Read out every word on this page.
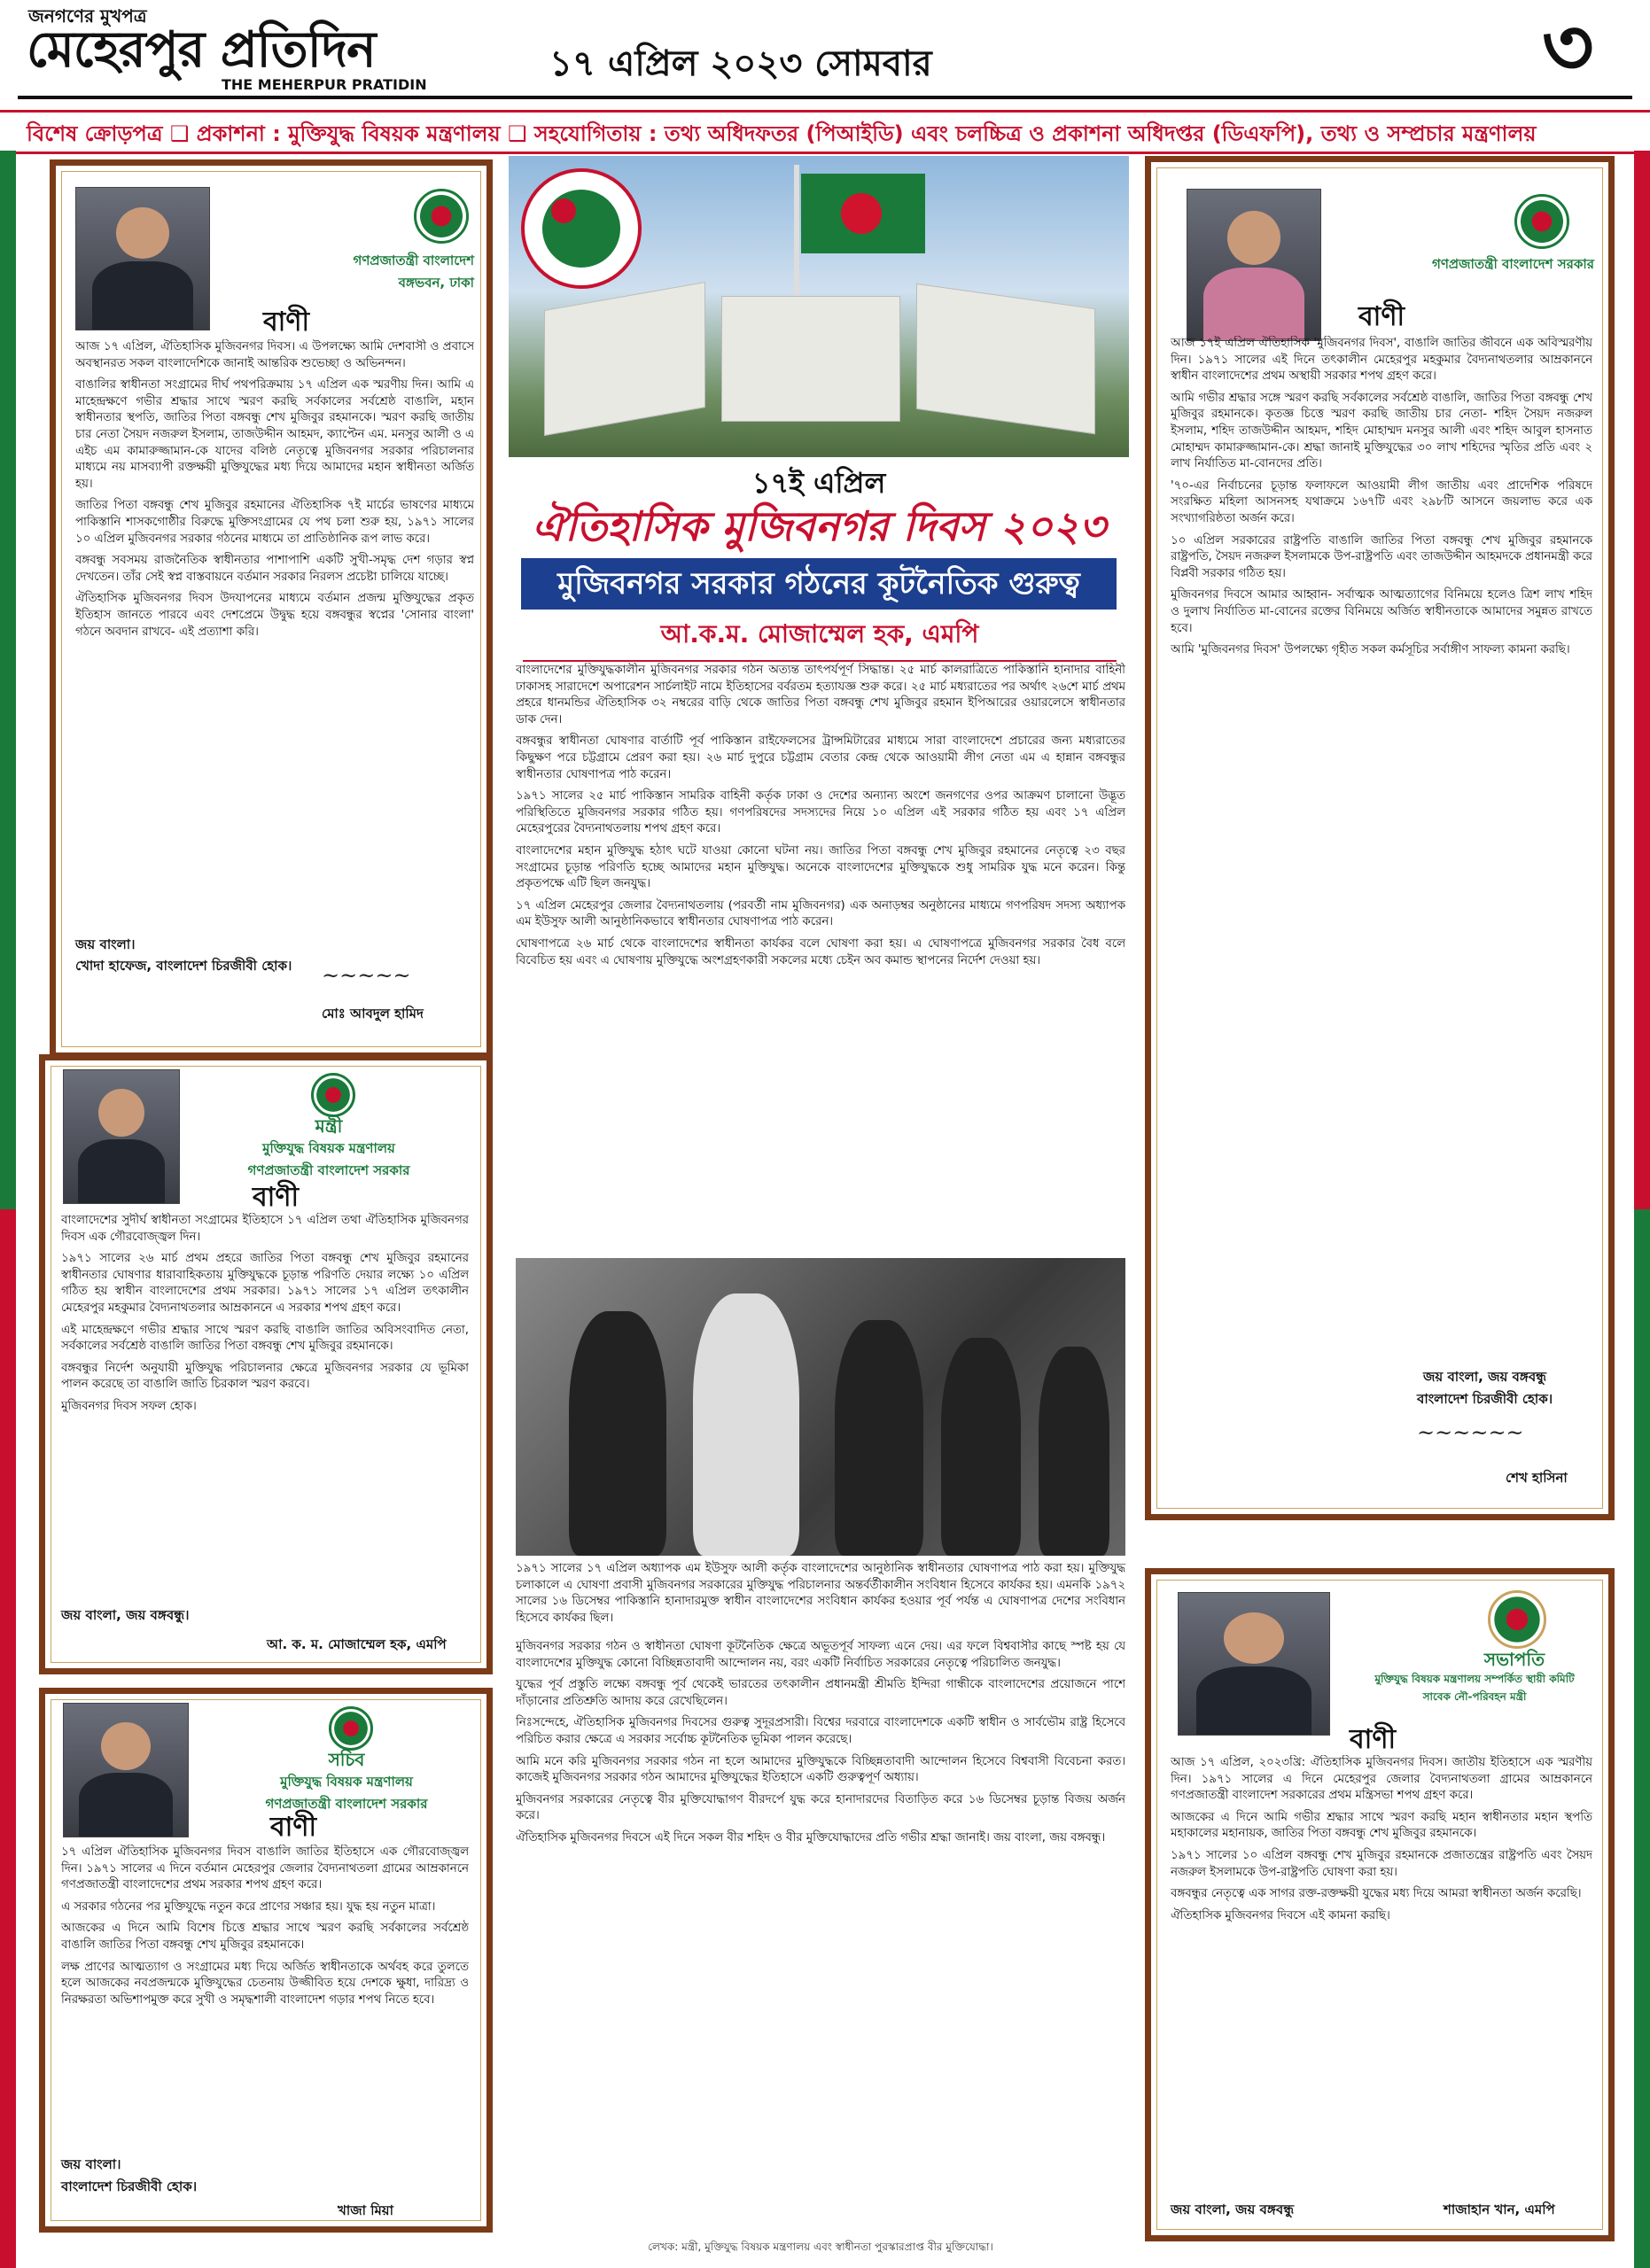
জনগণের মুখপত্র
মেহেরপুর প্রতিদিন
THE MEHERPUR PRATIDIN
১৭ এপ্রিল ২০২৩ সোমবার	৩
বিশেষ ক্রোড়পত্র ❑ প্রকাশনা : মুক্তিযুদ্ধ বিষয়ক মন্ত্রণালয় ❑ সহযোগিতায় : তথ্য অধিদফতর (পিআইডি) এবং চলচ্চিত্র ও প্রকাশনা অধিদপ্তর (ডিএফপি), তথ্য ও সম্প্রচার মন্ত্রণালয়
গণপ্রজাতন্ত্রী বাংলাদেশ
বঙ্গভবন, ঢাকা
বাণী

আজ ১৭ এপ্রিল, ঐতিহাসিক মুজিবনগর দিবস। এ উপলক্ষ্যে আমি দেশবাসী ও প্রবাসে অবস্থানরত সকল বাংলাদেশিকে জানাই আন্তরিক শুভেচ্ছা ও অভিনন্দন।

বাঙালির স্বাধীনতা সংগ্রামের দীর্ঘ পথপরিক্রমায় ১৭ এপ্রিল এক স্মরণীয় দিন। আমি এ মাহেন্দ্রক্ষণে গভীর শ্রদ্ধার সাথে স্মরণ করছি সর্বকালের সর্বশ্রেষ্ঠ বাঙালি, মহান স্বাধীনতার স্থপতি, জাতির পিতা বঙ্গবন্ধু শেখ মুজিবুর রহমানকে। স্মরণ করছি জাতীয় চার নেতা সৈয়দ নজরুল ইসলাম, তাজউদ্দীন আহমদ, ক্যাপ্টেন এম. মনসুর আলী ও এ এইচ এম কামারুজ্জামান-কে যাদের বলিষ্ঠ নেতৃত্বে মুজিবনগর সরকার পরিচালনার মাধ্যমে নয় মাসব্যাপী রক্তক্ষয়ী মুক্তিযুদ্ধের মধ্য দিয়ে আমাদের মহান স্বাধীনতা অর্জিত হয়।

জাতির পিতা বঙ্গবন্ধু শেখ মুজিবুর রহমানের ঐতিহাসিক ৭ই মার্চের ভাষণের মাধ্যমে পাকিস্তানি শাসকগোষ্ঠীর বিরুদ্ধে মুক্তিসংগ্রামের যে পথ চলা শুরু হয়, ১৯৭১ সালের ১০ এপ্রিল মুজিবনগর সরকার গঠনের মাধ্যমে তা প্রাতিষ্ঠানিক রূপ লাভ করে।

বঙ্গবন্ধু সবসময় রাজনৈতিক স্বাধীনতার পাশাপাশি একটি সুখী-সমৃদ্ধ দেশ গড়ার স্বপ্ন দেখতেন। তাঁর সেই স্বপ্ন বাস্তবায়নে বর্তমান সরকার নিরলস প্রচেষ্টা চালিয়ে যাচ্ছে।

ঐতিহাসিক মুজিবনগর দিবস উদযাপনের মাধ্যমে বর্তমান প্রজন্ম মুক্তিযুদ্ধের প্রকৃত ইতিহাস জানতে পারবে এবং দেশপ্রেমে উদ্বুদ্ধ হয়ে বঙ্গবন্ধুর স্বপ্নের 'সোনার বাংলা' গঠনে অবদান রাখবে- এই প্রত্যাশা করি।

জয় বাংলা।
খোদা হাফেজ, বাংলাদেশ চিরজীবী হোক। ~~~~~
মোঃ আবদুল হামিদ
মন্ত্রী
মুক্তিযুদ্ধ বিষয়ক মন্ত্রণালয়
গণপ্রজাতন্ত্রী বাংলাদেশ সরকার
বাণী

বাংলাদেশের সুদীর্ঘ স্বাধীনতা সংগ্রামের ইতিহাসে ১৭ এপ্রিল তথা ঐতিহাসিক মুজিবনগর দিবস এক গৌরবোজ্জ্বল দিন।

১৯৭১ সালের ২৬ মার্চ প্রথম প্রহরে জাতির পিতা বঙ্গবন্ধু শেখ মুজিবুর রহমানের স্বাধীনতার ঘোষণার ধারাবাহিকতায় মুক্তিযুদ্ধকে চূড়ান্ত পরিণতি দেয়ার লক্ষ্যে ১০ এপ্রিল গঠিত হয় স্বাধীন বাংলাদেশের প্রথম সরকার। ১৯৭১ সালের ১৭ এপ্রিল তৎকালীন মেহেরপুর মহকুমার বৈদ্যনাথতলার আম্রকাননে এ সরকার শপথ গ্রহণ করে।

এই মাহেন্দ্রক্ষণে গভীর শ্রদ্ধার সাথে স্মরণ করছি বাঙালি জাতির অবিসংবাদিত নেতা, সর্বকালের সর্বশ্রেষ্ঠ বাঙালি জাতির পিতা বঙ্গবন্ধু শেখ মুজিবুর রহমানকে।

বঙ্গবন্ধুর নির্দেশ অনুযায়ী মুক্তিযুদ্ধ পরিচালনার ক্ষেত্রে মুজিবনগর সরকার যে ভূমিকা পালন করেছে তা বাঙালি জাতি চিরকাল স্মরণ করবে।

মুজিবনগর দিবস সফল হোক।

জয় বাংলা, জয় বঙ্গবন্ধু।
আ. ক. ম. মোজাম্মেল হক, এমপি
সচিব
মুক্তিযুদ্ধ বিষয়ক মন্ত্রণালয়
গণপ্রজাতন্ত্রী বাংলাদেশ সরকার
বাণী

১৭ এপ্রিল ঐতিহাসিক মুজিবনগর দিবস বাঙালি জাতির ইতিহাসে এক গৌরবোজ্জ্বল দিন। ১৯৭১ সালের এ দিনে বর্তমান মেহেরপুর জেলার বৈদ্যনাথতলা গ্রামের আম্রকাননে গণপ্রজাতন্ত্রী বাংলাদেশের প্রথম সরকার শপথ গ্রহণ করে।

এ সরকার গঠনের পর মুক্তিযুদ্ধে নতুন করে প্রাণের সঞ্চার হয়। যুদ্ধ হয় নতুন মাত্রা।

আজকের এ দিনে আমি বিশেষ চিত্তে শ্রদ্ধার সাথে স্মরণ করছি সর্বকালের সর্বশ্রেষ্ঠ বাঙালি জাতির পিতা বঙ্গবন্ধু শেখ মুজিবুর রহমানকে।

লক্ষ প্রাণের আত্মত্যাগ ও সংগ্রামের মধ্য দিয়ে অর্জিত স্বাধীনতাকে অর্থবহ করে তুলতে হলে আজকের নবপ্রজন্মকে মুক্তিযুদ্ধের চেতনায় উজ্জীবিত হয়ে দেশকে ক্ষুধা, দারিদ্র্য ও নিরক্ষরতা অভিশাপমুক্ত করে সুখী ও সমৃদ্ধশালী বাংলাদেশ গড়ার শপথ নিতে হবে।

জয় বাংলা।
বাংলাদেশ চিরজীবী হোক।
খাজা মিয়া
১৭ই এপ্রিল
ঐতিহাসিক মুজিবনগর দিবস ২০২৩
মুজিবনগর সরকার গঠনের কূটনৈতিক গুরুত্ব
আ.ক.ম. মোজাম্মেল হক, এমপি

বাংলাদেশের মুক্তিযুদ্ধকালীন মুজিবনগর সরকার গঠন অত্যন্ত তাৎপর্যপূর্ণ সিদ্ধান্ত। ২৫ মার্চ কালরাত্রিতে পাকিস্তানি হানাদার বাহিনী ঢাকাসহ সারাদেশে অপারেশন সার্চলাইট নামে ইতিহাসের বর্বরতম হত্যাযজ্ঞ শুরু করে। ২৫ মার্চ মধ্যরাতের পর অর্থাৎ ২৬শে মার্চ প্রথম প্রহরে ধানমন্ডির ঐতিহাসিক ৩২ নম্বরের বাড়ি থেকে জাতির পিতা বঙ্গবন্ধু শেখ মুজিবুর রহমান ইপিআরের ওয়ারলেসে স্বাধীনতার ডাক দেন।

বঙ্গবন্ধুর স্বাধীনতা ঘোষণার বার্তাটি পূর্ব পাকিস্তান রাইফেলসের ট্রান্সমিটারের মাধ্যমে সারা বাংলাদেশে প্রচারের জন্য মধ্যরাতের কিছুক্ষণ পরে চট্টগ্রামে প্রেরণ করা হয়। ২৬ মার্চ দুপুরে চট্টগ্রাম বেতার কেন্দ্র থেকে আওয়ামী লীগ নেতা এম এ হান্নান বঙ্গবন্ধুর স্বাধীনতার ঘোষণাপত্র পাঠ করেন।

১৯৭১ সালের ২৫ মার্চ পাকিস্তান সামরিক বাহিনী কর্তৃক ঢাকা ও দেশের অন্যান্য অংশে জনগণের ওপর আক্রমণ চালানো উদ্ভূত পরিস্থিতিতে মুজিবনগর সরকার গঠিত হয়। গণপরিষদের সদস্যদের নিয়ে ১০ এপ্রিল এই সরকার গঠিত হয় এবং ১৭ এপ্রিল মেহেরপুরের বৈদ্যনাথতলায় শপথ গ্রহণ করে।

বাংলাদেশের মহান মুক্তিযুদ্ধ হঠাৎ ঘটে যাওয়া কোনো ঘটনা নয়। জাতির পিতা বঙ্গবন্ধু শেখ মুজিবুর রহমানের নেতৃত্বে ২৩ বছর সংগ্রামের চূড়ান্ত পরিণতি হচ্ছে আমাদের মহান মুক্তিযুদ্ধ। অনেকে বাংলাদেশের মুক্তিযুদ্ধকে শুধু সামরিক যুদ্ধ মনে করেন। কিন্তু প্রকৃতপক্ষে এটি ছিল জনযুদ্ধ।

১৭ এপ্রিল মেহেরপুর জেলার বৈদ্যনাথতলায় (পরবর্তী নাম মুজিবনগর) এক অনাড়ম্বর অনুষ্ঠানের মাধ্যমে গণপরিষদ সদস্য অধ্যাপক এম ইউসুফ আলী আনুষ্ঠানিকভাবে স্বাধীনতার ঘোষণাপত্র পাঠ করেন।

ঘোষণাপত্রে ২৬ মার্চ থেকে বাংলাদেশের স্বাধীনতা কার্যকর বলে ঘোষণা করা হয়। এ ঘোষণাপত্রে মুজিবনগর সরকার বৈধ বলে বিবেচিত হয় এবং এ ঘোষণায় মুক্তিযুদ্ধে অংশগ্রহণকারী সকলের মধ্যে চেইন অব কমান্ড স্থাপনের নির্দেশ দেওয়া হয়।

১৯৭১ সালের ১৭ এপ্রিল অধ্যাপক এম ইউসুফ আলী কর্তৃক বাংলাদেশের আনুষ্ঠানিক স্বাধীনতার ঘোষণাপত্র পাঠ করা হয়। মুক্তিযুদ্ধ চলাকালে এ ঘোষণা প্রবাসী মুজিবনগর সরকারের মুক্তিযুদ্ধ পরিচালনার অন্তর্বর্তীকালীন সংবিধান হিসেবে কার্যকর হয়। এমনকি ১৯৭২ সালের ১৬ ডিসেম্বর পাকিস্তানি হানাদারমুক্ত স্বাধীন বাংলাদেশের সংবিধান কার্যকর হওয়ার পূর্ব পর্যন্ত এ ঘোষণাপত্র দেশের সংবিধান হিসেবে কার্যকর ছিল।

মুজিবনগর সরকার গঠন ও স্বাধীনতা ঘোষণা কূটনৈতিক ক্ষেত্রে অভূতপূর্ব সাফল্য এনে দেয়। এর ফলে বিশ্ববাসীর কাছে স্পষ্ট হয় যে বাংলাদেশের মুক্তিযুদ্ধ কোনো বিচ্ছিন্নতাবাদী আন্দোলন নয়, বরং একটি নির্বাচিত সরকারের নেতৃত্বে পরিচালিত জনযুদ্ধ।

যুদ্ধের পূর্ব প্রস্তুতি লক্ষ্যে বঙ্গবন্ধু পূর্ব থেকেই ভারতের তৎকালীন প্রধানমন্ত্রী শ্রীমতি ইন্দিরা গান্ধীকে বাংলাদেশের প্রয়োজনে পাশে দাঁড়ানোর প্রতিশ্রুতি আদায় করে রেখেছিলেন।

নিঃসন্দেহে, ঐতিহাসিক মুজিবনগর দিবসের গুরুত্ব সুদূরপ্রসারী। বিশ্বের দরবারে বাংলাদেশকে একটি স্বাধীন ও সার্বভৌম রাষ্ট্র হিসেবে পরিচিত করার ক্ষেত্রে এ সরকার সর্বোচ্চ কূটনৈতিক ভূমিকা পালন করেছে।

আমি মনে করি মুজিবনগর সরকার গঠন না হলে আমাদের মুক্তিযুদ্ধকে বিচ্ছিন্নতাবাদী আন্দোলন হিসেবে বিশ্ববাসী বিবেচনা করত। কাজেই মুজিবনগর সরকার গঠন আমাদের মুক্তিযুদ্ধের ইতিহাসে একটি গুরুত্বপূর্ণ অধ্যায়।

মুজিবনগর সরকারের নেতৃত্বে বীর মুক্তিযোদ্ধাগণ বীরদর্পে যুদ্ধ করে হানাদারদের বিতাড়িত করে ১৬ ডিসেম্বর চূড়ান্ত বিজয় অর্জন করে।

ঐতিহাসিক মুজিবনগর দিবসে এই দিনে সকল বীর শহিদ ও বীর মুক্তিযোদ্ধাদের প্রতি গভীর শ্রদ্ধা জানাই। জয় বাংলা, জয় বঙ্গবন্ধু।

লেখক: মন্ত্রী, মুক্তিযুদ্ধ বিষয়ক মন্ত্রণালয় এবং স্বাধীনতা পুরস্কারপ্রাপ্ত বীর মুক্তিযোদ্ধা।
গণপ্রজাতন্ত্রী বাংলাদেশ সরকার
বাণী

আজ ১৭ই এপ্রিল ঐতিহাসিক 'মুজিবনগর দিবস', বাঙালি জাতির জীবনে এক অবিস্মরণীয় দিন। ১৯৭১ সালের এই দিনে তৎকালীন মেহেরপুর মহকুমার বৈদ্যনাথতলার আম্রকাননে স্বাধীন বাংলাদেশের প্রথম অস্থায়ী সরকার শপথ গ্রহণ করে।

আমি গভীর শ্রদ্ধার সঙ্গে স্মরণ করছি সর্বকালের সর্বশ্রেষ্ঠ বাঙালি, জাতির পিতা বঙ্গবন্ধু শেখ মুজিবুর রহমানকে। কৃতজ্ঞ চিত্তে স্মরণ করছি জাতীয় চার নেতা- শহিদ সৈয়দ নজরুল ইসলাম, শহিদ তাজউদ্দীন আহমদ, শহিদ মোহাম্মদ মনসুর আলী এবং শহিদ আবুল হাসনাত মোহাম্মদ কামারুজ্জামান-কে। শ্রদ্ধা জানাই মুক্তিযুদ্ধের ৩০ লাখ শহিদের স্মৃতির প্রতি এবং ২ লাখ নির্যাতিত মা-বোনদের প্রতি।

'৭০-এর নির্বাচনের চূড়ান্ত ফলাফলে আওয়ামী লীগ জাতীয় এবং প্রাদেশিক পরিষদে সংরক্ষিত মহিলা আসনসহ যথাক্রমে ১৬৭টি এবং ২৯৮টি আসনে জয়লাভ করে এক সংখ্যাগরিষ্ঠতা অর্জন করে।

১০ এপ্রিল সরকারের রাষ্ট্রপতি বাঙালি জাতির পিতা বঙ্গবন্ধু শেখ মুজিবুর রহমানকে রাষ্ট্রপতি, সৈয়দ নজরুল ইসলামকে উপ-রাষ্ট্রপতি এবং তাজউদ্দীন আহমদকে প্রধানমন্ত্রী করে বিপ্লবী সরকার গঠিত হয়।

মুজিবনগর দিবসে আমার আহ্বান- সর্বাত্মক আত্মত্যাগের বিনিময়ে হলেও ত্রিশ লাখ শহিদ ও দুলাখ নির্যাতিত মা-বোনের রক্তের বিনিময়ে অর্জিত স্বাধীনতাকে আমাদের সমুন্নত রাখতে হবে।

আমি 'মুজিবনগর দিবস' উপলক্ষ্যে গৃহীত সকল কর্মসূচির সর্বাঙ্গীণ সাফল্য কামনা করছি।

জয় বাংলা, জয় বঙ্গবন্ধু
বাংলাদেশ চিরজীবী হোক।
~~~~~~
শেখ হাসিনা
সভাপতি
মুক্তিযুদ্ধ বিষয়ক মন্ত্রণালয় সম্পর্কিত স্থায়ী কমিটি
সাবেক নৌ-পরিবহন মন্ত্রী
বাণী

আজ ১৭ এপ্রিল, ২০২৩খ্রি: ঐতিহাসিক মুজিবনগর দিবস। জাতীয় ইতিহাসে এক স্মরণীয় দিন। ১৯৭১ সালের এ দিনে মেহেরপুর জেলার বৈদ্যনাথতলা গ্রামের আম্রকাননে গণপ্রজাতন্ত্রী বাংলাদেশ সরকারের প্রথম মন্ত্রিসভা শপথ গ্রহণ করে।

আজকের এ দিনে আমি গভীর শ্রদ্ধার সাথে স্মরণ করছি মহান স্বাধীনতার মহান স্থপতি মহাকালের মহানায়ক, জাতির পিতা বঙ্গবন্ধু শেখ মুজিবুর রহমানকে।

১৯৭১ সালের ১০ এপ্রিল বঙ্গবন্ধু শেখ মুজিবুর রহমানকে প্রজাতন্ত্রের রাষ্ট্রপতি এবং সৈয়দ নজরুল ইসলামকে উপ-রাষ্ট্রপতি ঘোষণা করা হয়।

বঙ্গবন্ধুর নেতৃত্বে এক সাগর রক্ত-রক্তক্ষয়ী যুদ্ধের মধ্য দিয়ে আমরা স্বাধীনতা অর্জন করেছি।

ঐতিহাসিক মুজিবনগর দিবসে এই কামনা করছি।

জয় বাংলা, জয় বঙ্গবন্ধু	শাজাহান খান, এমপি
